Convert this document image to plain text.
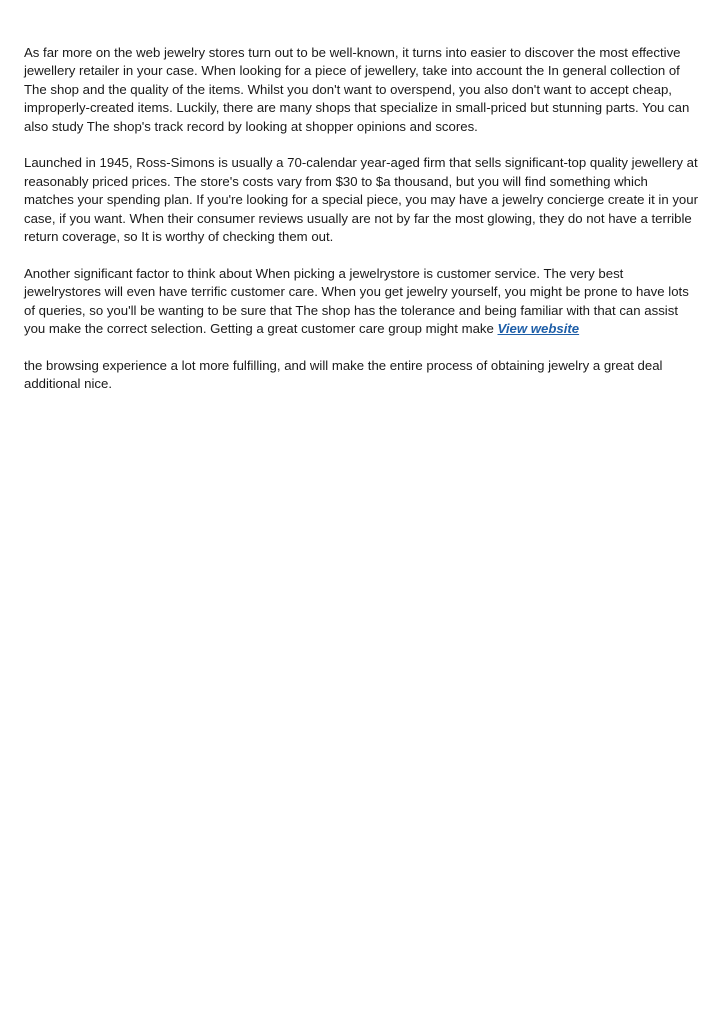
As far more on the web jewelry stores turn out to be well-known, it turns into easier to discover the most effective jewellery retailer in your case. When looking for a piece of jewellery, take into account the In general collection of The shop and the quality of the items. Whilst you don't want to overspend, you also don't want to accept cheap, improperly-created items. Luckily, there are many shops that specialize in small-priced but stunning parts. You can also study The shop's track record by looking at shopper opinions and scores.

Launched in 1945, Ross-Simons is usually a 70-calendar year-aged firm that sells significant-top quality jewellery at reasonably priced prices. The store's costs vary from $30 to $a thousand, but you will find something which matches your spending plan. If you're looking for a special piece, you may have a jewelry concierge create it in your case, if you want. When their consumer reviews usually are not by far the most glowing, they do not have a terrible return coverage, so It is worthy of checking them out.

Another significant factor to think about When picking a jewelrystore is customer service. The very best jewelrystores will even have terrific customer care. When you get jewelry yourself, you might be prone to have lots of queries, so you'll be wanting to be sure that The shop has the tolerance and being familiar with that can assist you make the correct selection. Getting a great customer care group might make View website

the browsing experience a lot more fulfilling, and will make the entire process of obtaining jewelry a great deal additional nice.
